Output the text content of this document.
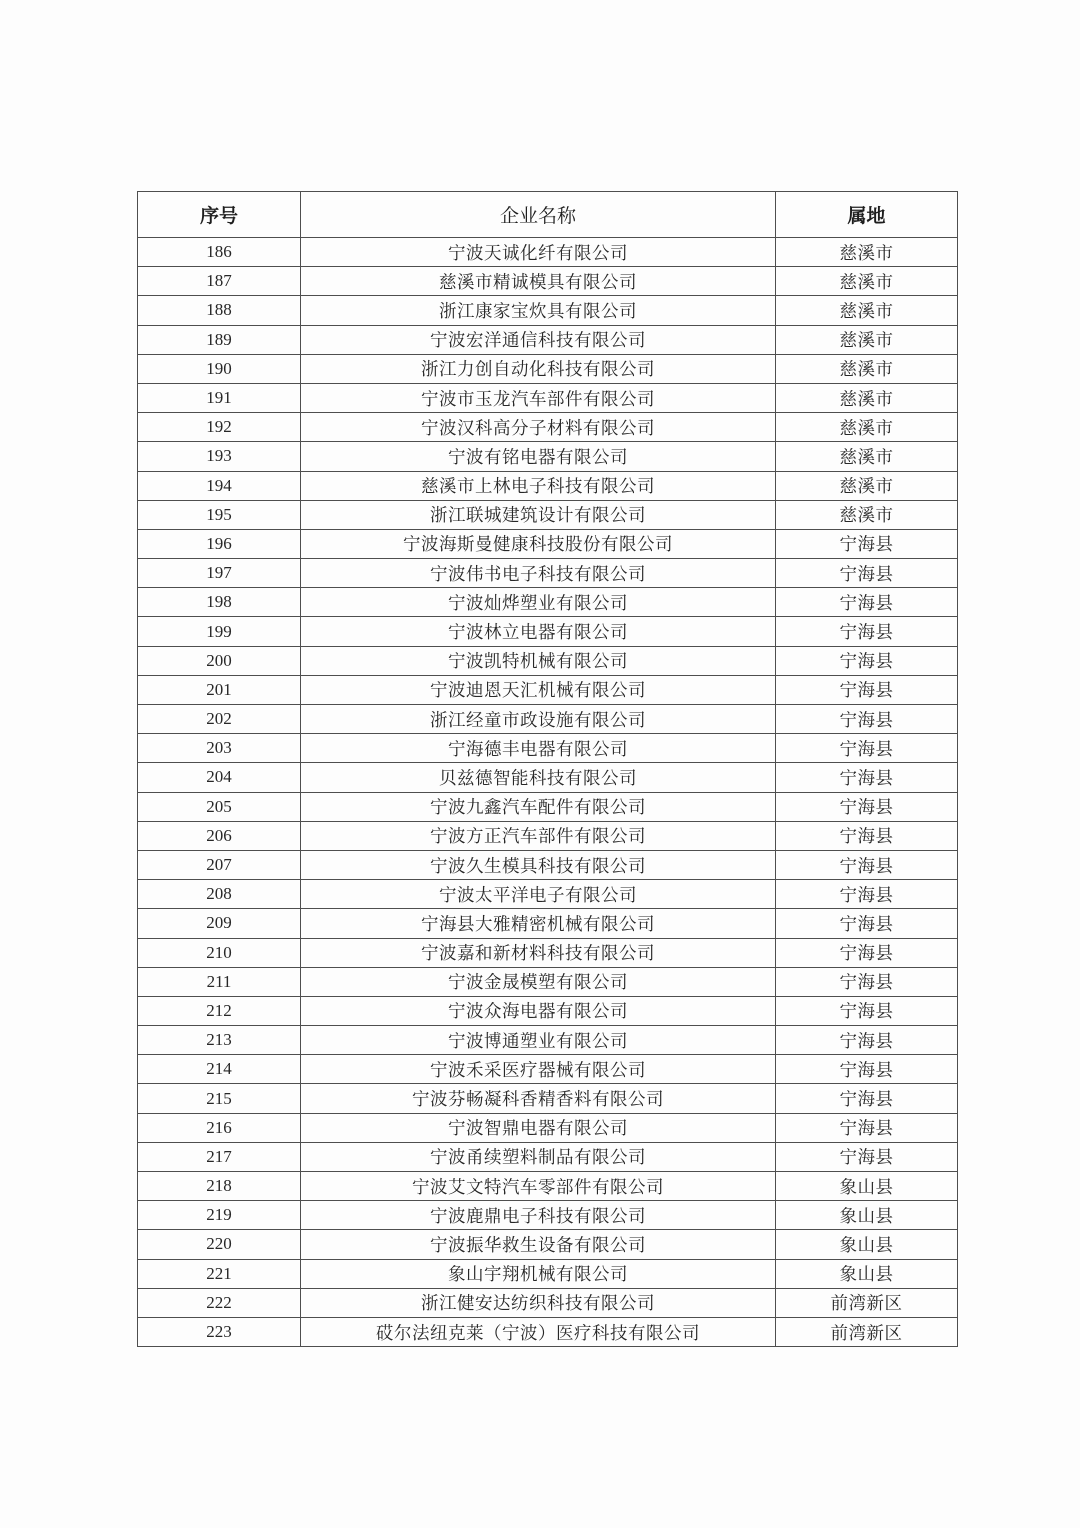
序号	企业名称	属地
186	宁波天诚化纤有限公司	慈溪市
187	慈溪市精诚模具有限公司	慈溪市
188	浙江康家宝炊具有限公司	慈溪市
189	宁波宏洋通信科技有限公司	慈溪市
190	浙江力创自动化科技有限公司	慈溪市
191	宁波市玉龙汽车部件有限公司	慈溪市
192	宁波汉科高分子材料有限公司	慈溪市
193	宁波有铭电器有限公司	慈溪市
194	慈溪市上林电子科技有限公司	慈溪市
195	浙江联城建筑设计有限公司	慈溪市
196	宁波海斯曼健康科技股份有限公司	宁海县
197	宁波伟书电子科技有限公司	宁海县
198	宁波灿烨塑业有限公司	宁海县
199	宁波林立电器有限公司	宁海县
200	宁波凯特机械有限公司	宁海县
201	宁波迪恩天汇机械有限公司	宁海县
202	浙江经童市政设施有限公司	宁海县
203	宁海德丰电器有限公司	宁海县
204	贝兹德智能科技有限公司	宁海县
205	宁波九鑫汽车配件有限公司	宁海县
206	宁波方正汽车部件有限公司	宁海县
207	宁波久生模具科技有限公司	宁海县
208	宁波太平洋电子有限公司	宁海县
209	宁海县大雅精密机械有限公司	宁海县
210	宁波嘉和新材料科技有限公司	宁海县
211	宁波金晟模塑有限公司	宁海县
212	宁波众海电器有限公司	宁海县
213	宁波博通塑业有限公司	宁海县
214	宁波禾采医疗器械有限公司	宁海县
215	宁波芬畅凝科香精香料有限公司	宁海县
216	宁波智鼎电器有限公司	宁海县
217	宁波甬续塑料制品有限公司	宁海县
218	宁波艾文特汽车零部件有限公司	象山县
219	宁波鹿鼎电子科技有限公司	象山县
220	宁波振华救生设备有限公司	象山县
221	象山宇翔机械有限公司	象山县
222	浙江健安达纺织科技有限公司	前湾新区
223	砹尔法纽克莱（宁波）医疗科技有限公司	前湾新区
